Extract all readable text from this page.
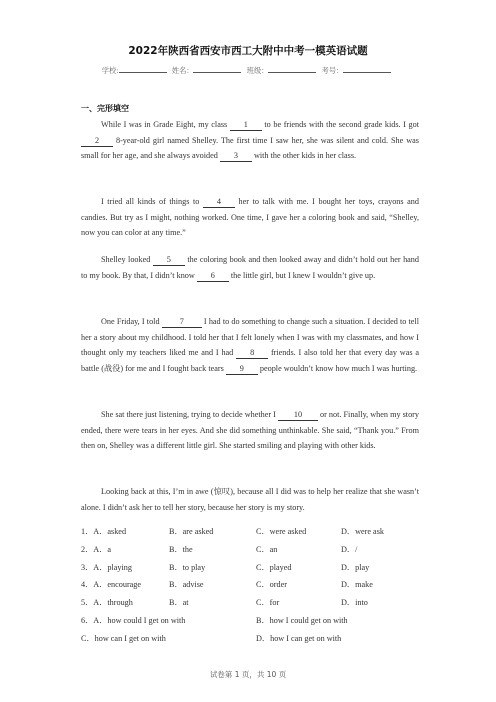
2022年陕西省西安市西工大附中中考一模英语试题
学校:	姓名：	班级：	考号：
一、完形填空

While I was in Grade Eight, my class 1 to be friends with the second grade kids. I got 2 8-year-old girl named Shelley. The first time I saw her, she was silent and cold. She was small for her age, and she always avoided 3 with the other kids in her class.

I tried all kinds of things to 4 her to talk with me. I bought her toys, crayons and candies. But try as I might, nothing worked. One time, I gave her a coloring book and said, “Shelley, now you can color at any time.”

Shelley looked 5 the coloring book and then looked away and didn’t hold out her hand to my book. By that, I didn’t know 6 the little girl, but I knew I wouldn’t give up.

One Friday, I told 7 I had to do something to change such a situation. I decided to tell her a story about my childhood. I told her that I felt lonely when I was with my classmates, and how I thought only my teachers liked me and I had 8 friends. I also told her that every day was a battle (战役) for me and I fought back tears 9 people wouldn’t know how much I was hurting.

She sat there just listening, trying to decide whether I 10 or not. Finally, when my story ended, there were tears in her eyes. And she did something unthinkable. She said, “Thank you.” From then on, Shelley was a different little girl. She started smiling and playing with other kids.

Looking back at this, I’m in awe (惊叹), because all I did was to help her realize that she wasn’t alone. I didn’t ask her to tell her story, because her story is my story.

1．A．asked	B．are asked	C．were asked	D．were ask
2．A．a	B．the	C．an	D．/
3．A．playing	B．to play	C．played	D．play
4．A．encourage	B．advise	C．order	D．make
5．A．through	B．at	C．for	D．into
6．A．how could I get on with	B．how I could get on with
C．how can I get on with	D．how I can get on with
试卷第 1 页，共 10 页
